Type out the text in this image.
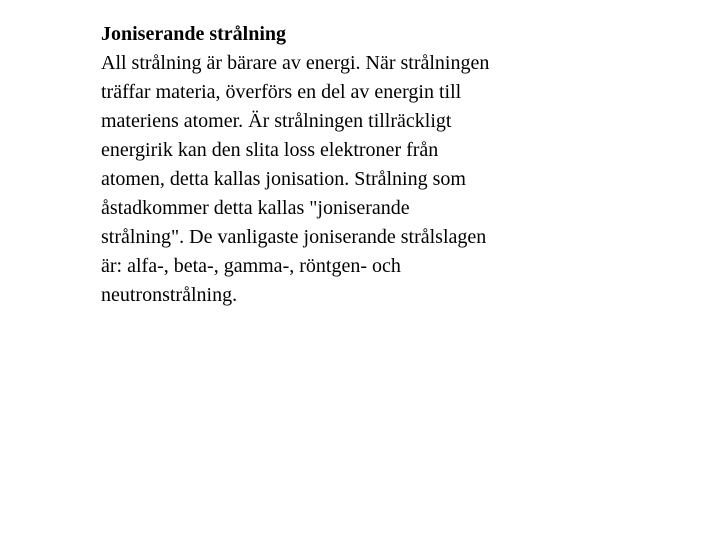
Joniserande strålning
All strålning är bärare av energi. När strålningen
träffar materia, överförs en del av energin till
materiens atomer. Är strålningen tillräckligt
energirik kan den slita loss elektroner från
atomen, detta kallas jonisation. Strålning som
åstadkommer detta kallas "joniserande
strålning". De vanligaste joniserande strålslagen
är: alfa-, beta-, gamma-, röntgen- och
neutronstrålning.
